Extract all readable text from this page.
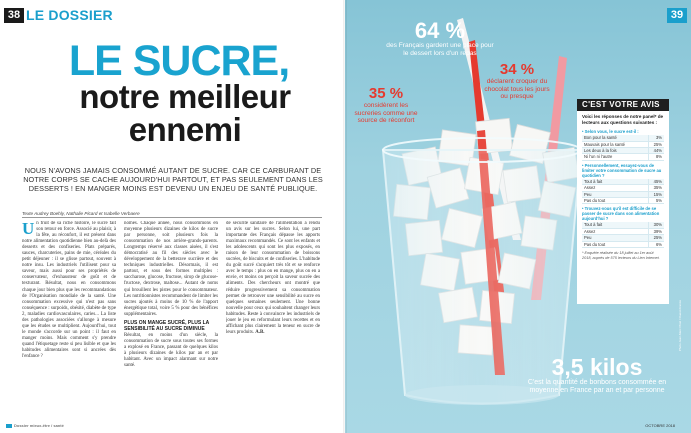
38 LE DOSSIER
LE SUCRE,
notre meilleur
ennemi
NOUS N'AVONS JAMAIS CONSOMMÉ AUTANT DE SUCRE. CAR CE CARBURANT DE NOTRE CORPS SE CACHE AUJOURD'HUI PARTOUT, ET PAS SEULEMENT DANS LES DESSERTS ! EN MANGER MOINS EST DEVENU UN ENJEU DE SANTÉ PUBLIQUE.
Texte Audrey Boehly, Nathalie Picard et Isabelle Verbaere

Un fruit de sa riche histoire, le sucre fait son retour en force. Associé au plaisir, à la fête, au réconfort, il est présent dans notre alimentation quotidienne bien au-delà des desserts et des confiseries. Plats préparés, sauces, charcuteries, pains de mie, céréales du petit déjeuner : il se glisse partout, souvent à notre insu. Les industriels l'utilisent pour sa saveur, mais aussi pour ses propriétés de conservateur, d'exhausteur de goût et de texturant. Résultat, nous en consommons chaque jour bien plus que les recommandations de l'Organisation mondiale de la santé. Une consommation excessive qui n'est pas sans conséquence : surpoids, obésité, diabète de type 2, maladies cardiovasculaires, caries... La liste des pathologies associées s'allonge à mesure que les études se multiplient. Aujourd'hui, tout le monde s'accorde sur un point : il faut en manger moins. Mais comment s'y prendre quand l'étiquetage reste si peu lisible et que les habitudes alimentaires sont si ancrées dès l'enfance ?

nomes. Chaque année, nous consommons en moyenne plusieurs dizaines de kilos de sucre par personne, soit plusieurs fois la consommation de nos arrière-grands-parents. Longtemps réservé aux classes aisées, il s'est démocratisé au fil des siècles avec le développement de la betterave sucrière et des techniques industrielles. Désormais, il est partout, et sous des formes multiples : saccharose, glucose, fructose, sirop de glucose-fructose, dextrose, maltose... Autant de noms qui brouillent les pistes pour le consommateur. Les nutritionnistes recommandent de limiter les sucres ajoutés à moins de 10 % de l'apport énergétique total, voire 5 % pour des bénéfices supplémentaires.

PLUS ON MANGE SUCRÉ, PLUS LA SENSIBILITÉ AU SUCRE DIMINUE

Résultat, en moins d'un siècle, la consommation de sucre sous toutes ses formes a explosé en France, passant de quelques kilos à plusieurs dizaines de kilos par an et par habitant. Avec un impact alarmant sur notre santé.

de sécurité sanitaire de l'alimentation a rendu un avis sur les sucres. Selon lui, une part importante des Français dépasse les apports maximaux recommandés. Ce sont les enfants et les adolescents qui sont les plus exposés, en raison de leur consommation de boissons sucrées, de biscuits et de confiseries. L'habitude du goût sucré s'acquiert très tôt et se renforce avec le temps : plus on en mange, plus on en a envie, et moins on perçoit la saveur sucrée des aliments. Des chercheurs ont montré que réduire progressivement sa consommation permet de retrouver une sensibilité au sucre en quelques semaines seulement. Une bonne nouvelle pour ceux qui souhaitent changer leurs habitudes. Reste à convaincre les industriels de jouer le jeu en reformulant leurs recettes et en affichant plus clairement la teneur en sucre de leurs produits. A.B.

Dossier mieux-être / santé
64 %
des Français gardent une place pour le dessert lors d'un repas
34 %
déclarent croquer du chocolat tous les jours ou presque
35 %
considèrent les sucreries comme une source de réconfort
3,5 kilos
C'est la quantité de bonbons consommée en moyenne en France par an et par personne
Photo Jean-Marc Pinel / Ouest-France
C'EST VOTRE AVIS
Voici les réponses de notre panel* de lecteurs aux questions suivantes :
• Selon vous, le sucre est-il :
Bon pour la santé	3%
Mauvais pour la santé	25%
Les deux à la fois	44%
Ni l'un ni l'autre	8%
• Personnellement, essayez-vous de limiter votre consommation de sucre au quotidien ?
Tout à fait	45%
Assez	35%
Peu	15%
Pas du tout	5%
• Trouvez-vous qu'il est difficile de se passer de sucre dans son alimentation aujourd'hui ?
Tout à fait	30%
Assez	39%
Peu	25%
Pas du tout	6%
* Enquête réalisée du 18 juillet au 1er août 2018, auprès de 575 lecteurs du Lien Internet.
39
OCTOBRE 2018
